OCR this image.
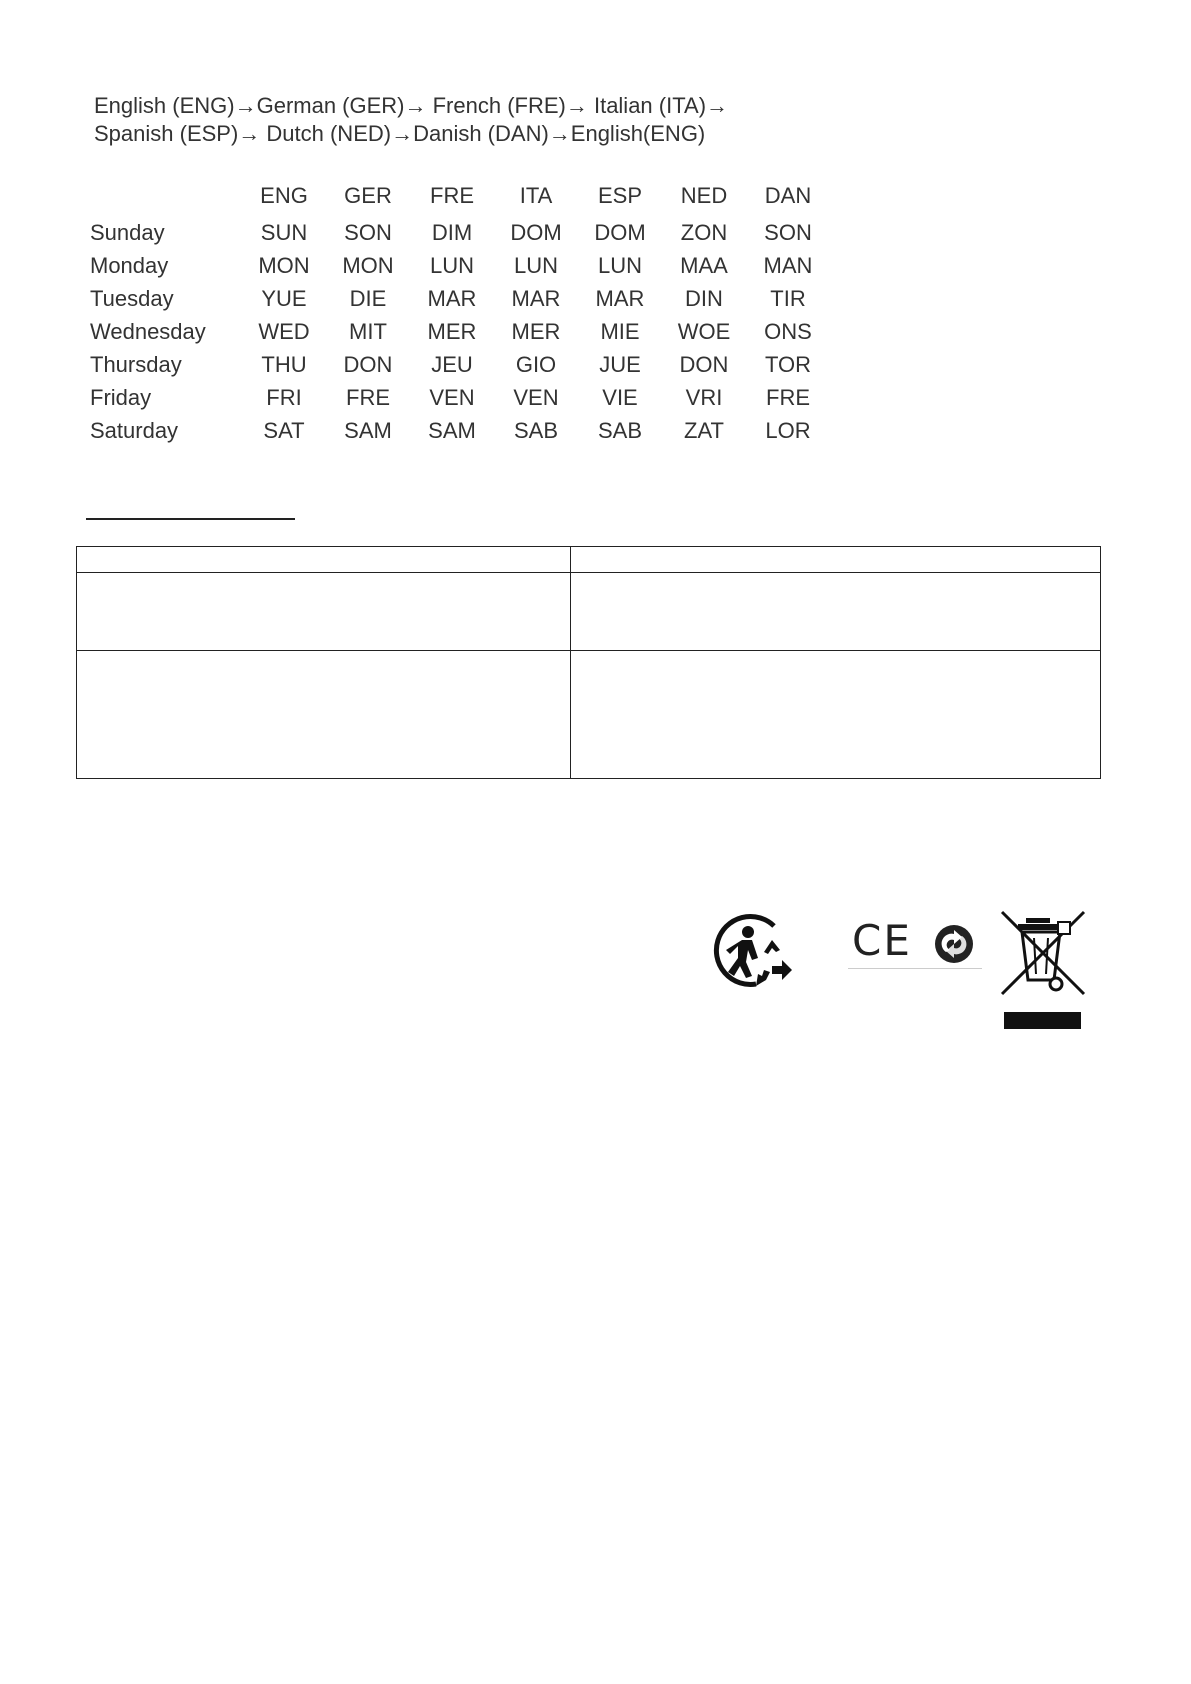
English (ENG)→German (GER)→ French (FRE)→ Italian (ITA)→
Spanish (ESP)→ Dutch (NED)→Danish (DAN)→English(ENG)
	ENG	GER	FRE	ITA	ESP	NED	DAN
Sunday	SUN	SON	DIM	DOM	DOM	ZON	SON
Monday	MON	MON	LUN	LUN	LUN	MAA	MAN
Tuesday	YUE	DIE	MAR	MAR	MAR	DIN	TIR
Wednesday	WED	MIT	MER	MER	MIE	WOE	ONS
Thursday	THU	DON	JEU	GIO	JUE	DON	TOR
Friday	FRI	FRE	VEN	VEN	VIE	VRI	FRE
Saturday	SAT	SAM	SAM	SAB	SAB	ZAT	LOR

CE
